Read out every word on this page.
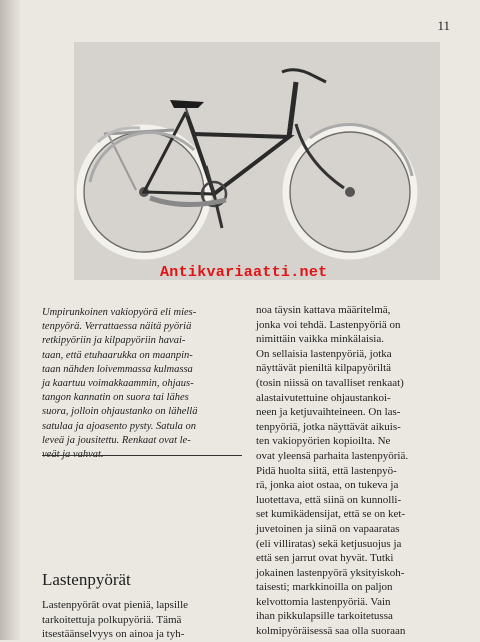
11
Antikvariaatti.net
Umpirunkoinen vakiopyörä eli mies-
tenpyörä. Verrattaessa näitä pyöriä
retkipyöriin ja kilpapyöriin havai-
taan, että etuhaarukka on maanpin-
taan nähden loivemmassa kulmassa
ja kaartuu voimakkaammin, ohjaus-
tangon kannatin on suora tai lähes
suora, jolloin ohjaustanko on lähellä
satulaa ja ajoasento pysty. Satula on
leveä ja jousitettu. Renkaat ovat le-
Lastenpyörät
Lastenpyörät ovat pieniä, lapsille
tarkoitettuja polkupyöriä. Tämä
itsestäänselvyys on ainoa ja tyh-
noa täysin kattava määritelmä,
jonka voi tehdä. Lastenpyöriä on
nimittäin vaikka minkälaisia.
On sellaisia lastenpyöriä, jotka
näyttävät pieniltä kilpapyöriltä
(tosin niissä on tavalliset renkaat)
alastaivutettuine ohjaustankoi-
neen ja ketjuvaihteineen. On las-
tenpyöriä, jotka näyttävät aikuis-
ten vakiopyörien kopioilta. Ne
ovat yleensä parhaita lastenpyöriä.
Pidä huolta siitä, että lastenpyö-
rä, jonka aiot ostaa, on tukeva ja
luotettava, että siinä on kunnolli-
set kumikädensijat, että se on ket-
juvetoinen ja siinä on vapaaratas
(eli villiratas) sekä ketjusuojus ja
että sen jarrut ovat hyvät. Tutki
jokainen lastenpyörä yksityiskoh-
taisesti; markkinoilla on paljon
kelvottomia lastenpyöriä. Vain
ihan pikkulapsille tarkoitetussa
kolmipyöräisessä saa olla suoraan
